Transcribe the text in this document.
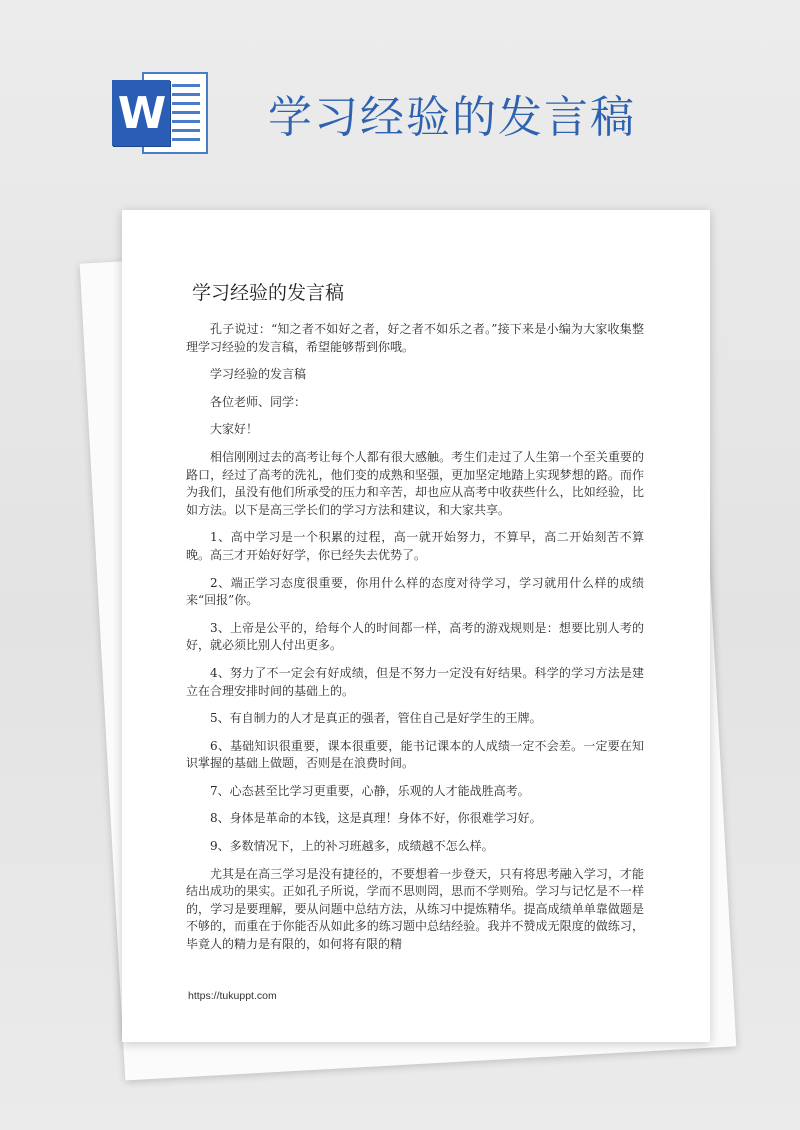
W 学习经验的发言稿
学习经验的发言稿

孔子说过：“知之者不如好之者，好之者不如乐之者。”接下来是小编为大家收集整理学习经验的发言稿，希望能够帮到你哦。

学习经验的发言稿

各位老师、同学：

大家好！

相信刚刚过去的高考让每个人都有很大感触。考生们走过了人生第一个至关重要的路口，经过了高考的洗礼，他们变的成熟和坚强，更加坚定地踏上实现梦想的路。而作为我们，虽没有他们所承受的压力和辛苦，却也应从高考中收获些什么，比如经验，比如方法。以下是高三学长们的学习方法和建议，和大家共享。

1、高中学习是一个积累的过程，高一就开始努力，不算早，高二开始刻苦不算晚。高三才开始好好学，你已经失去优势了。

2、端正学习态度很重要，你用什么样的态度对待学习，学习就用什么样的成绩来“回报”你。

3、上帝是公平的，给每个人的时间都一样，高考的游戏规则是：想要比别人考的好，就必须比别人付出更多。

4、努力了不一定会有好成绩，但是不努力一定没有好结果。科学的学习方法是建立在合理安排时间的基础上的。

5、有自制力的人才是真正的强者，管住自己是好学生的王牌。

6、基础知识很重要，课本很重要，能书记课本的人成绩一定不会差。一定要在知识掌握的基础上做题，否则是在浪费时间。

7、心态甚至比学习更重要，心静，乐观的人才能战胜高考。

8、身体是革命的本钱，这是真理！身体不好，你很难学习好。

9、多数情况下，上的补习班越多，成绩越不怎么样。

尤其是在高三学习是没有捷径的，不要想着一步登天，只有将思考融入学习，才能结出成功的果实。正如孔子所说，学而不思则罔，思而不学则殆。学习与记忆是不一样的，学习是要理解，要从问题中总结方法，从练习中提炼精华。提高成绩单单靠做题是不够的，而重在于你能否从如此多的练习题中总结经验。我并不赞成无限度的做练习，毕竟人的精力是有限的，如何将有限的精

https://tukuppt.com
